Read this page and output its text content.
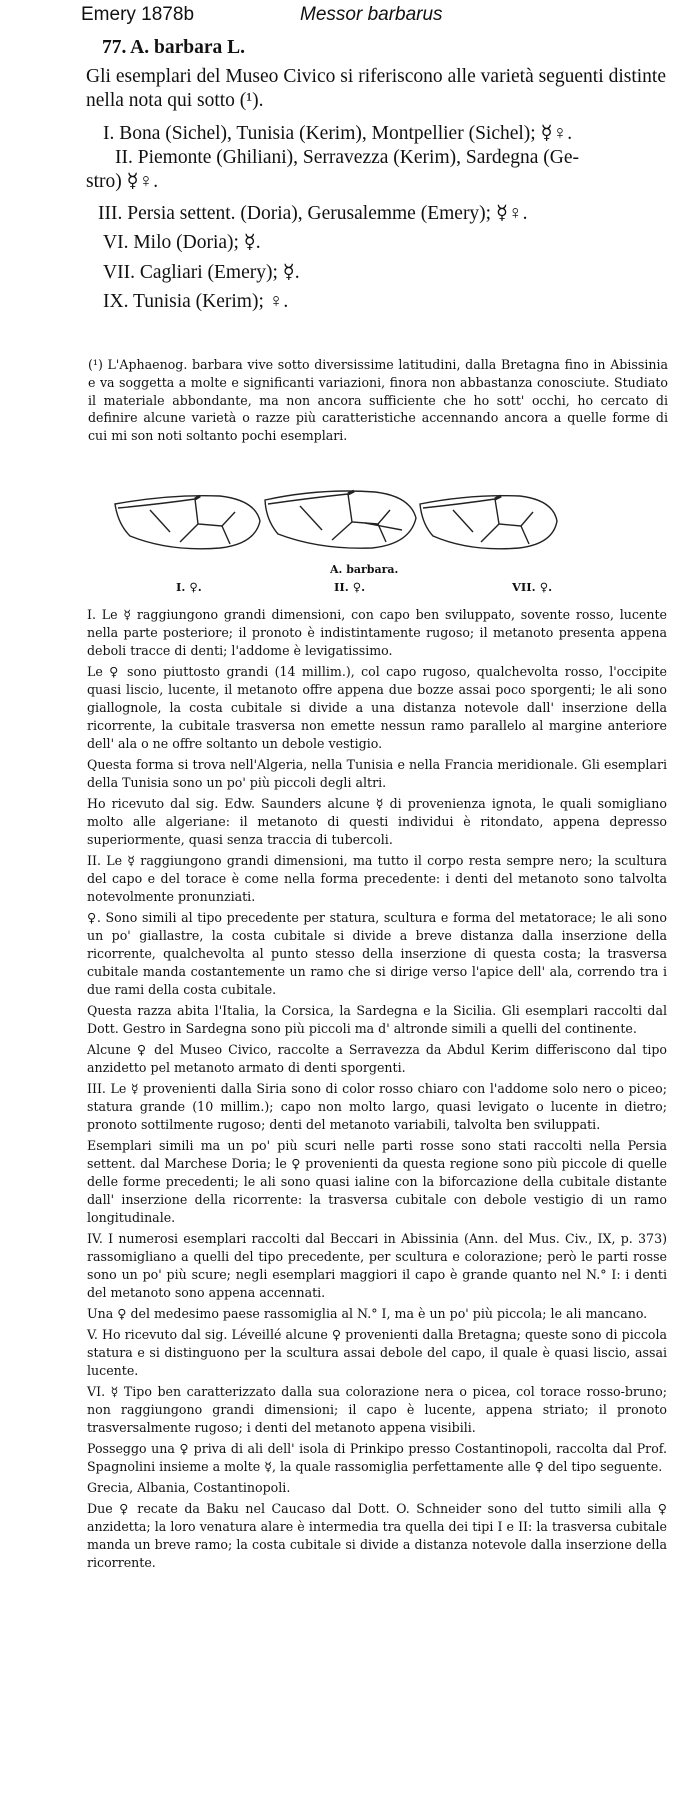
Emery 1878b	Messor barbarus
77. A. barbara L.
Gli esemplari del Museo Civico si riferiscono alle varietà seguenti distinte nella nota qui sotto (¹).
I. Bona (Sichel), Tunisia (Kerim), Montpellier (Sichel); ☿♀.
II. Piemonte (Ghiliani), Serravezza (Kerim), Sardegna (Ge-
stro) ☿♀.
III. Persia settent. (Doria), Gerusalemme (Emery); ☿♀.
VI. Milo (Doria); ☿.
VII. Cagliari (Emery); ☿.
IX. Tunisia (Kerim); ♀.
(¹) L'Aphaenog. barbara vive sotto diversissime latitudini, dalla Bretagna fino in Abissinia e va soggetta a molte e significanti variazioni, finora non abbastanza conosciute. Studiato il materiale abbondante, ma non ancora sufficiente che ho sott' occhi, ho cercato di definire alcune varietà o razze più caratteristiche accennando ancora a quelle forme di cui mi son noti soltanto pochi esemplari.
A. barbara.
I. ♀.	II. ♀.	VII. ♀.

I. Le ☿ raggiungono grandi dimensioni, con capo ben sviluppato, sovente rosso, lucente nella parte posteriore; il pronoto è indistintamente rugoso; il metanoto presenta appena deboli tracce di denti; l'addome è levigatissimo.

Le ♀ sono piuttosto grandi (14 millim.), col capo rugoso, qualchevolta rosso, l'occipite quasi liscio, lucente, il metanoto offre appena due bozze assai poco sporgenti; le ali sono giallognole, la costa cubitale si divide a una distanza notevole dall' inserzione della ricorrente, la cubitale trasversa non emette nessun ramo parallelo al margine anteriore dell' ala o ne offre soltanto un debole vestigio.

Questa forma si trova nell'Algeria, nella Tunisia e nella Francia meridionale. Gli esemplari della Tunisia sono un po' più piccoli degli altri.

Ho ricevuto dal sig. Edw. Saunders alcune ☿ di provenienza ignota, le quali somigliano molto alle algeriane: il metanoto di questi individui è ritondato, appena depresso superiormente, quasi senza traccia di tubercoli.

II. Le ☿ raggiungono grandi dimensioni, ma tutto il corpo resta sempre nero; la scultura del capo e del torace è come nella forma precedente: i denti del metanoto sono talvolta notevolmente pronunziati.

♀. Sono simili al tipo precedente per statura, scultura e forma del metatorace; le ali sono un po' giallastre, la costa cubitale si divide a breve distanza dalla inserzione della ricorrente, qualchevolta al punto stesso della inserzione di questa costa; la trasversa cubitale manda costantemente un ramo che si dirige verso l'apice dell' ala, correndo tra i due rami della costa cubitale.

Questa razza abita l'Italia, la Corsica, la Sardegna e la Sicilia. Gli esemplari raccolti dal Dott. Gestro in Sardegna sono più piccoli ma d' altronde simili a quelli del continente.

Alcune ♀ del Museo Civico, raccolte a Serravezza da Abdul Kerim differiscono dal tipo anzidetto pel metanoto armato di denti sporgenti.

III. Le ☿ provenienti dalla Siria sono di color rosso chiaro con l'addome solo nero o piceo; statura grande (10 millim.); capo non molto largo, quasi levigato o lucente in dietro; pronoto sottilmente rugoso; denti del metanoto variabili, talvolta ben sviluppati.

Esemplari simili ma un po' più scuri nelle parti rosse sono stati raccolti nella Persia settent. dal Marchese Doria; le ♀ provenienti da questa regione sono più piccole di quelle delle forme precedenti; le ali sono quasi ialine con la biforcazione della cubitale distante dall' inserzione della ricorrente: la trasversa cubitale con debole vestigio di un ramo longitudinale.

IV. I numerosi esemplari raccolti dal Beccari in Abissinia (Ann. del Mus. Civ., IX, p. 373) rassomigliano a quelli del tipo precedente, per scultura e colorazione; però le parti rosse sono un po' più scure; negli esemplari maggiori il capo è grande quanto nel N.° I: i denti del metanoto sono appena accennati.

Una ♀ del medesimo paese rassomiglia al N.° I, ma è un po' più piccola; le ali mancano.

V. Ho ricevuto dal sig. Léveillé alcune ♀ provenienti dalla Bretagna; queste sono di piccola statura e si distinguono per la scultura assai debole del capo, il quale è quasi liscio, assai lucente.

VI. ☿ Tipo ben caratterizzato dalla sua colorazione nera o picea, col torace rosso-bruno; non raggiungono grandi dimensioni; il capo è lucente, appena striato; il pronoto trasversalmente rugoso; i denti del metanoto appena visibili.

Posseggo una ♀ priva di ali dell' isola di Prinkipo presso Costantinopoli, raccolta dal Prof. Spagnolini insieme a molte ☿, la quale rassomiglia perfettamente alle ♀ del tipo seguente.

Grecia, Albania, Costantinopoli.

Due ♀ recate da Baku nel Caucaso dal Dott. O. Schneider sono del tutto simili alla ♀ anzidetta; la loro venatura alare è intermedia tra quella dei tipi I e II: la trasversa cubitale manda un breve ramo; la costa cubitale si divide a distanza notevole dalla inserzione della ricorrente.
